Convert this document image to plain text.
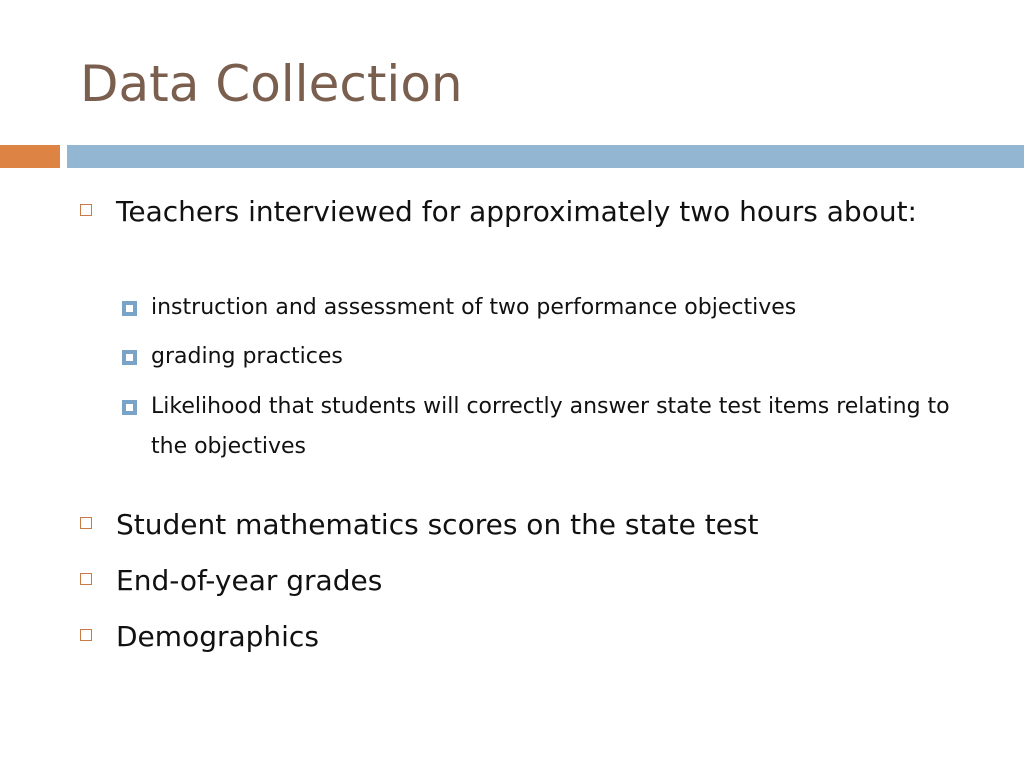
Data Collection
Teachers interviewed for approximately two hours about:
instruction and assessment of two performance objectives
grading practices
Likelihood that students will correctly answer state test items relating to the objectives
Student mathematics scores on the state test
End-of-year grades
Demographics
